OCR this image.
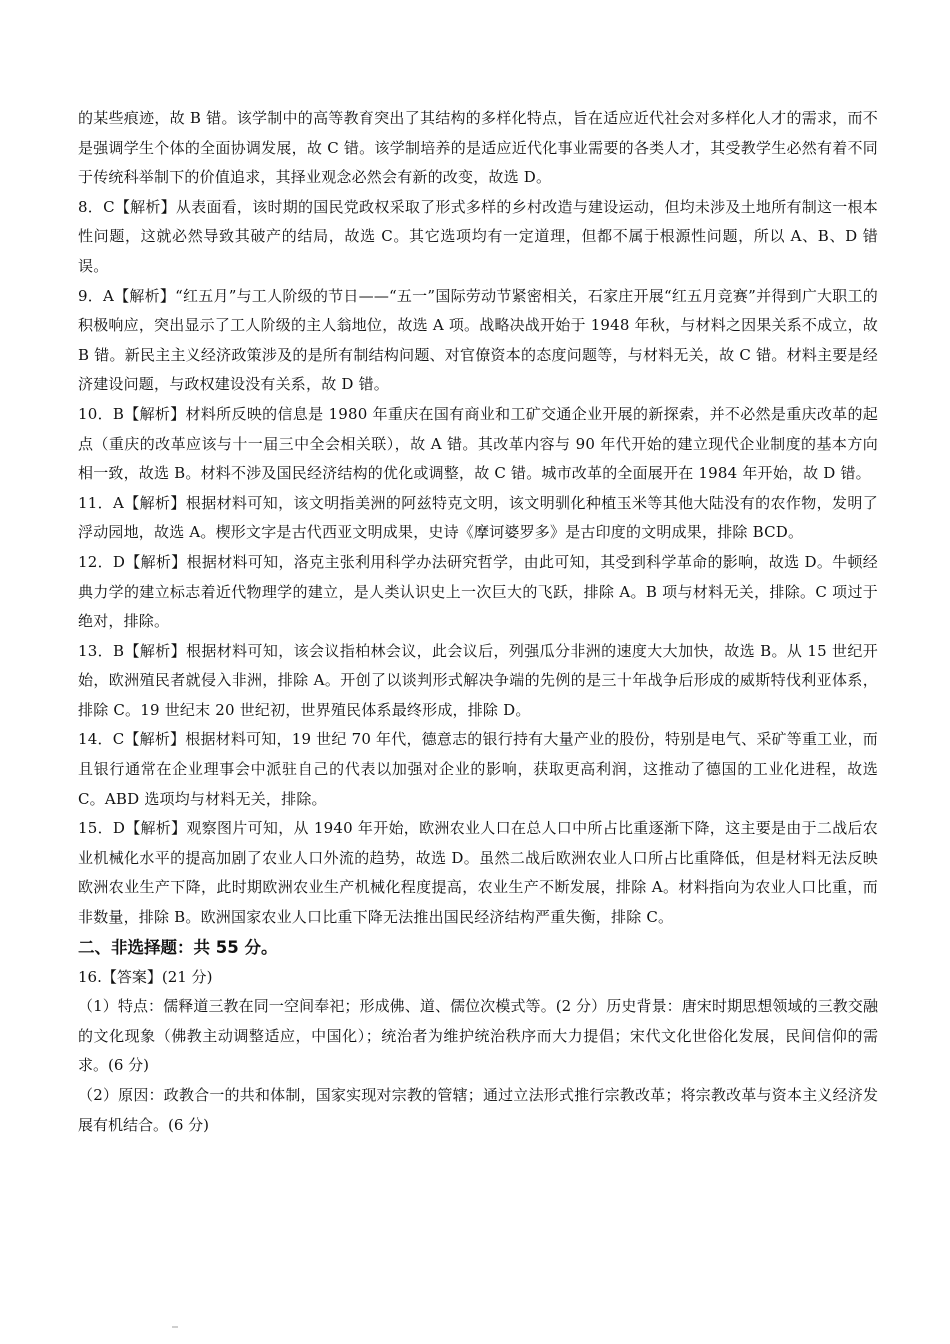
的某些痕迹，故 B 错。该学制中的高等教育突出了其结构的多样化特点，旨在适应近代社会对多样化人才的需求，而不是强调学生个体的全面协调发展，故 C 错。该学制培养的是适应近代化事业需要的各类人才，其受教学生必然有着不同于传统科举制下的价值追求，其择业观念必然会有新的改变，故选 D。

8．C【解析】从表面看，该时期的国民党政权采取了形式多样的乡村改造与建设运动，但均未涉及土地所有制这一根本性问题，这就必然导致其破产的结局，故选 C。其它选项均有一定道理，但都不属于根源性问题，所以 A、B、D 错误。

9．A【解析】“红五月”与工人阶级的节日——“五一”国际劳动节紧密相关，石家庄开展“红五月竞赛”并得到广大职工的积极响应，突出显示了工人阶级的主人翁地位，故选 A 项。战略决战开始于 1948 年秋，与材料之因果关系不成立，故 B 错。新民主主义经济政策涉及的是所有制结构问题、对官僚资本的态度问题等，与材料无关，故 C 错。材料主要是经济建设问题，与政权建设没有关系，故 D 错。

10．B【解析】材料所反映的信息是 1980 年重庆在国有商业和工矿交通企业开展的新探索，并不必然是重庆改革的起点（重庆的改革应该与十一届三中全会相关联），故 A 错。其改革内容与 90 年代开始的建立现代企业制度的基本方向相一致，故选 B。材料不涉及国民经济结构的优化或调整，故 C 错。城市改革的全面展开在 1984 年开始，故 D 错。

11．A【解析】根据材料可知，该文明指美洲的阿兹特克文明，该文明驯化种植玉米等其他大陆没有的农作物，发明了浮动园地，故选 A。楔形文字是古代西亚文明成果，史诗《摩诃婆罗多》是古印度的文明成果，排除 BCD。

12．D【解析】根据材料可知，洛克主张利用科学办法研究哲学，由此可知，其受到科学革命的影响，故选 D。牛顿经典力学的建立标志着近代物理学的建立，是人类认识史上一次巨大的飞跃，排除 A。B 项与材料无关，排除。C 项过于绝对，排除。

13．B【解析】根据材料可知，该会议指柏林会议，此会议后，列强瓜分非洲的速度大大加快，故选 B。从 15 世纪开始，欧洲殖民者就侵入非洲，排除 A。开创了以谈判形式解决争端的先例的是三十年战争后形成的威斯特伐利亚体系，排除 C。19 世纪末 20 世纪初，世界殖民体系最终形成，排除 D。

14．C【解析】根据材料可知，19 世纪 70 年代，德意志的银行持有大量产业的股份，特别是电气、采矿等重工业，而且银行通常在企业理事会中派驻自己的代表以加强对企业的影响，获取更高利润，这推动了德国的工业化进程，故选 C。ABD 选项均与材料无关，排除。

15．D【解析】观察图片可知，从 1940 年开始，欧洲农业人口在总人口中所占比重逐渐下降，这主要是由于二战后农业机械化水平的提高加剧了农业人口外流的趋势，故选 D。虽然二战后欧洲农业人口所占比重降低，但是材料无法反映欧洲农业生产下降，此时期欧洲农业生产机械化程度提高，农业生产不断发展，排除 A。材料指向为农业人口比重，而非数量，排除 B。欧洲国家农业人口比重下降无法推出国民经济结构严重失衡，排除 C。

二、非选择题：共 55 分。

16.【答案】(21 分)

（1）特点：儒释道三教在同一空间奉祀；形成佛、道、儒位次模式等。(2 分）历史背景：唐宋时期思想领域的三教交融的文化现象（佛教主动调整适应，中国化）；统治者为维护统治秩序而大力提倡；宋代文化世俗化发展，民间信仰的需求。(6 分)

（2）原因：政教合一的共和体制，国家实现对宗教的管辖；通过立法形式推行宗教改革；将宗教改革与资本主义经济发展有机结合。(6 分)
